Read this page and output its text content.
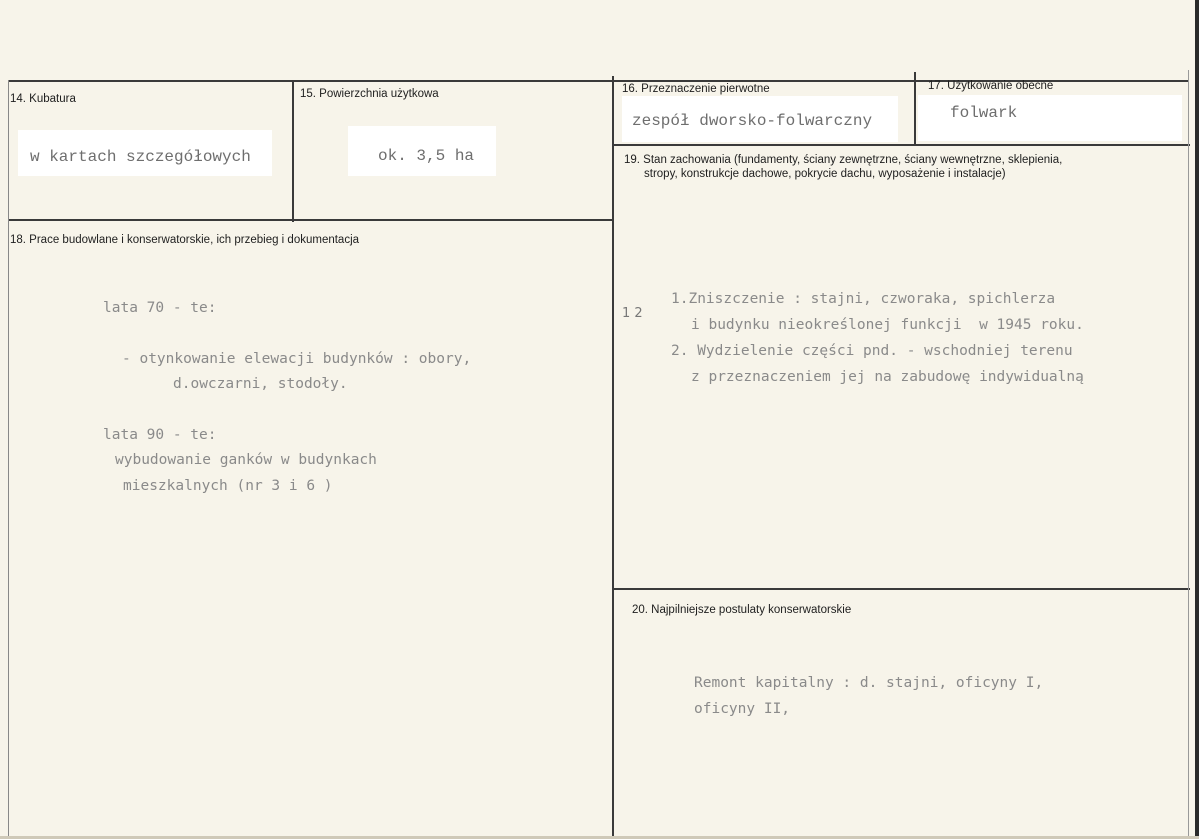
14. Kubatura
w kartach szczegółowych
15. Powierzchnia użytkowa
ok. 3,5 ha
16. Przeznaczenie pierwotne
zespół dworsko-folwarczny
17. Użytkowanie obecne
folwark
18. Prace budowlane i konserwatorskie, ich przebieg i dokumentacja
lata 70 - te:
- otynkowanie elewacji budynków : obory,
d.owczarni, stodoły.
lata 90 - te:
wybudowanie ganków w budynkach
mieszkalnych (nr 3 i 6 )
19. Stan zachowania (fundamenty, ściany zewnętrzne, ściany wewnętrzne, sklepienia,
stropy, konstrukcje dachowe, pokrycie dachu, wyposażenie i instalacje)
1 2
1.Zniszczenie : stajni, czworaka, spichlerza
i budynku nieokreślonej funkcji  w 1945 roku.
2. Wydzielenie części pnd. - wschodniej terenu
z przeznaczeniem jej na zabudowę indywidualną
20. Najpilniejsze postulaty konserwatorskie
Remont kapitalny : d. stajni, oficyny I,
oficyny II,
